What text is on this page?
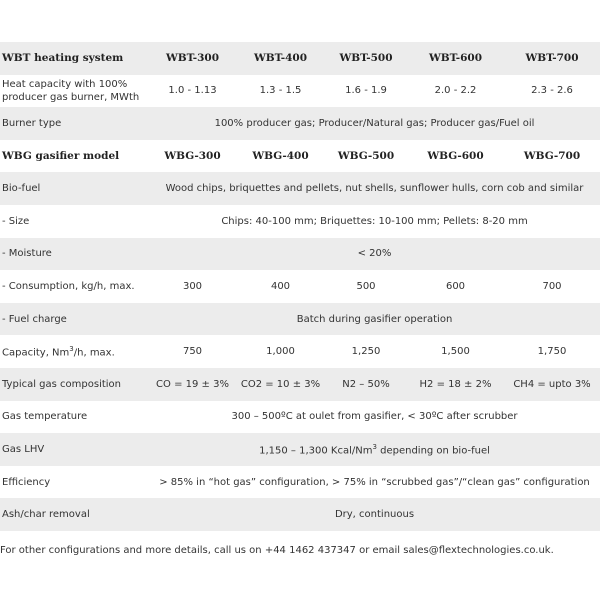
WBT heating system	WBT-300	WBT-400	WBT-500	WBT-600	WBT-700
Heat capacity with 100% producer gas burner, MWth	1.0 - 1.13	1.3 - 1.5	1.6 - 1.9	2.0 - 2.2	2.3 - 2.6
Burner type	100% producer gas; Producer/Natural gas; Producer gas/Fuel oil				
WBG gasifier model	WBG-300	WBG-400	WBG-500	WBG-600	WBG-700
Bio-fuel	Wood chips, briquettes and pellets, nut shells, sunflower hulls, corn cob and similar				
- Size	Chips: 40-100 mm; Briquettes: 10-100 mm; Pellets: 8-20 mm				
- Moisture	< 20%				
- Consumption, kg/h, max.	300	400	500	600	700
- Fuel charge	Batch during gasifier operation				
Capacity, Nm$^3$/h, max.	750	1,000	1,250	1,500	1,750
Typical gas composition	CO = 19 ± 3%	CO2 = 10 ± 3%	N2 – 50%	H2 = 18 ± 2%	CH4 = upto 3%
Gas temperature	300 – 500ºC at oulet from gasifier, < 30ºC after scrubber				
Gas LHV	1,150 – 1,300 Kcal/Nm$^3$ depending on bio-fuel				
Efficiency	> 85% in “hot gas” configuration, > 75% in “scrubbed gas”/“clean gas” configuration				
Ash/char removal	Dry, continuous				
For other configurations and more details, call us on +44 1462 437347 or email sales@flextechnologies.co.uk.
